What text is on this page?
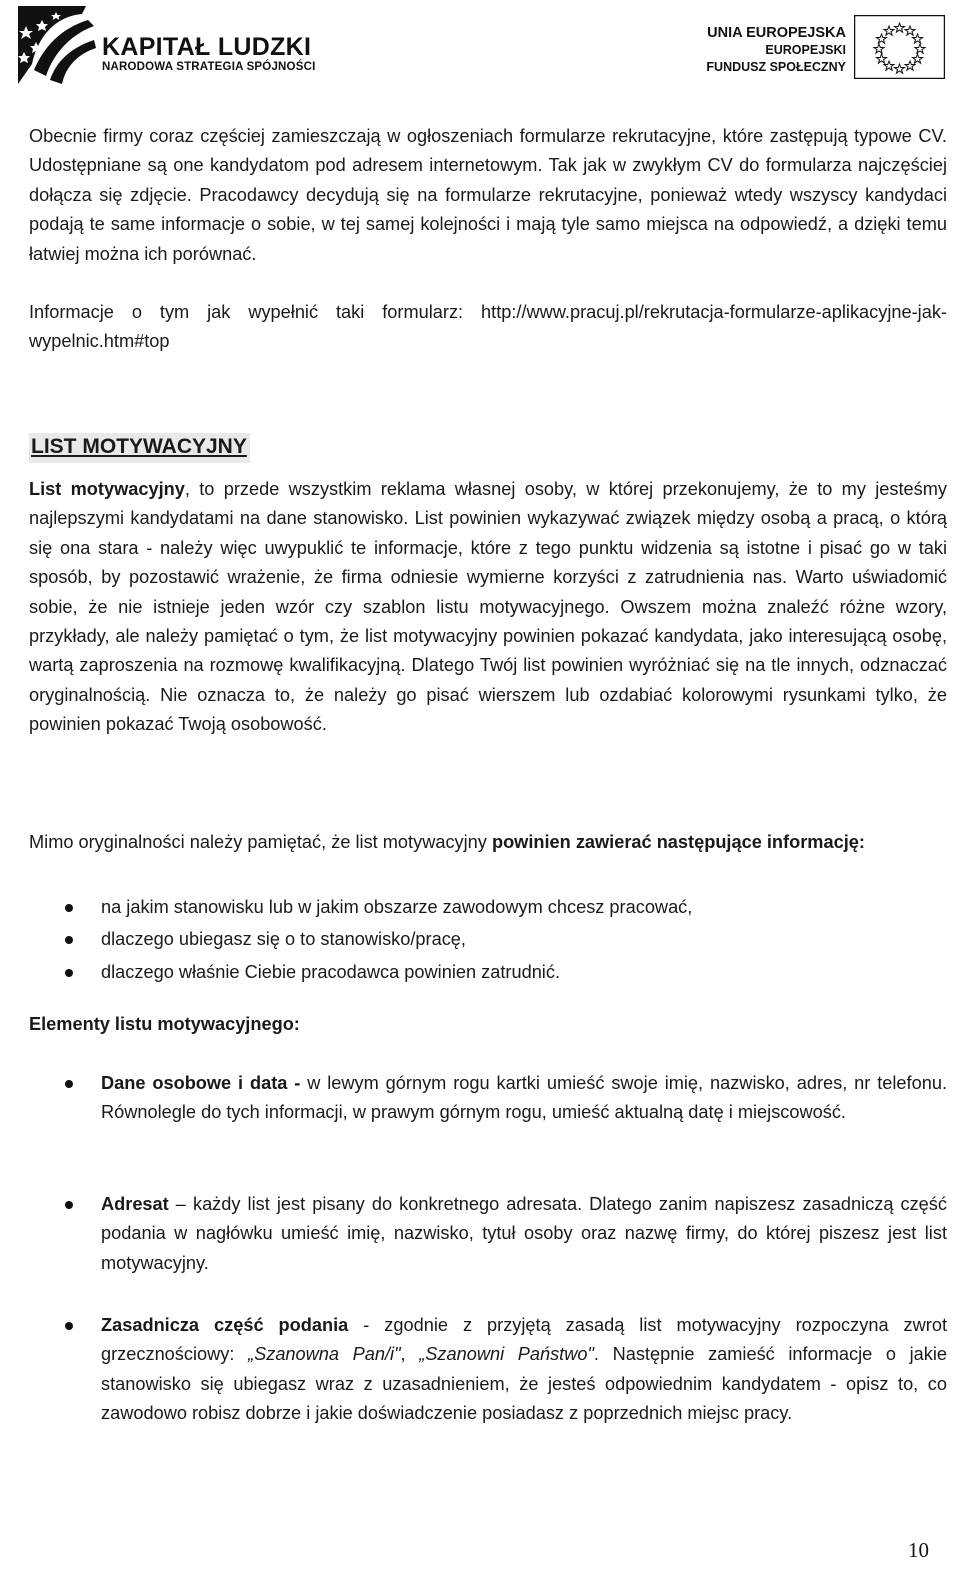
KAPITAŁ LUDZKI
NARODOWA STRATEGIA SPÓJNOŚCI
UNIA EUROPEJSKA
EUROPEJSKI
FUNDUSZ SPOŁECZNY

Obecnie firmy coraz częściej zamieszczają w ogłoszeniach formularze rekrutacyjne, które zastępują typowe CV. Udostępniane są one kandydatom pod adresem internetowym. Tak jak w zwykłym CV do formularza najczęściej dołącza się zdjęcie. Pracodawcy decydują się na formularze rekrutacyjne, ponieważ wtedy wszyscy kandydaci podają te same informacje o sobie, w tej samej kolejności i mają tyle samo miejsca na odpowiedź, a dzięki temu łatwiej można ich porównać.

Informacje o tym jak wypełnić taki formularz: http://www.pracuj.pl/rekrutacja-formularze-aplikacyjne-jak-wypelnic.htm#top

LIST MOTYWACYJNY

List motywacyjny, to przede wszystkim reklama własnej osoby, w której przekonujemy, że to my jesteśmy najlepszymi kandydatami na dane stanowisko. List powinien wykazywać związek między osobą a pracą, o którą się ona stara - należy więc uwypuklić te informacje, które z tego punktu widzenia są istotne i pisać go w taki sposób, by pozostawić wrażenie, że firma odniesie wymierne korzyści z zatrudnienia nas. Warto uświadomić sobie, że nie istnieje jeden wzór czy szablon listu motywacyjnego. Owszem można znaleźć różne wzory, przykłady, ale należy pamiętać o tym, że list motywacyjny powinien pokazać kandydata, jako interesującą osobę, wartą zaproszenia na rozmowę kwalifikacyjną. Dlatego Twój list powinien wyróżniać się na tle innych, odznaczać oryginalnością. Nie oznacza to, że należy go pisać wierszem lub ozdabiać kolorowymi rysunkami tylko, że powinien pokazać Twoją osobowość.

Mimo oryginalności należy pamiętać, że list motywacyjny powinien zawierać następujące informację:

na jakim stanowisku lub w jakim obszarze zawodowym chcesz pracować,
dlaczego ubiegasz się o to stanowisko/pracę,
dlaczego właśnie Ciebie pracodawca powinien zatrudnić.

Elementy listu motywacyjnego:

Dane osobowe i data - w lewym górnym rogu kartki umieść swoje imię, nazwisko, adres, nr telefonu. Równolegle do tych informacji, w prawym górnym rogu, umieść aktualną datę i miejscowość.
Adresat – każdy list jest pisany do konkretnego adresata. Dlatego zanim napiszesz zasadniczą część podania w nagłówku umieść imię, nazwisko, tytuł osoby oraz nazwę firmy, do której piszesz jest list motywacyjny.
Zasadnicza część podania - zgodnie z przyjętą zasadą list motywacyjny rozpoczyna zwrot grzecznościowy: „Szanowna Pan/i", „Szanowni Państwo". Następnie zamieść informacje o jakie stanowisko się ubiegasz wraz z uzasadnieniem, że jesteś odpowiednim kandydatem - opisz to, co zawodowo robisz dobrze i jakie doświadczenie posiadasz z poprzednich miejsc pracy.
10
